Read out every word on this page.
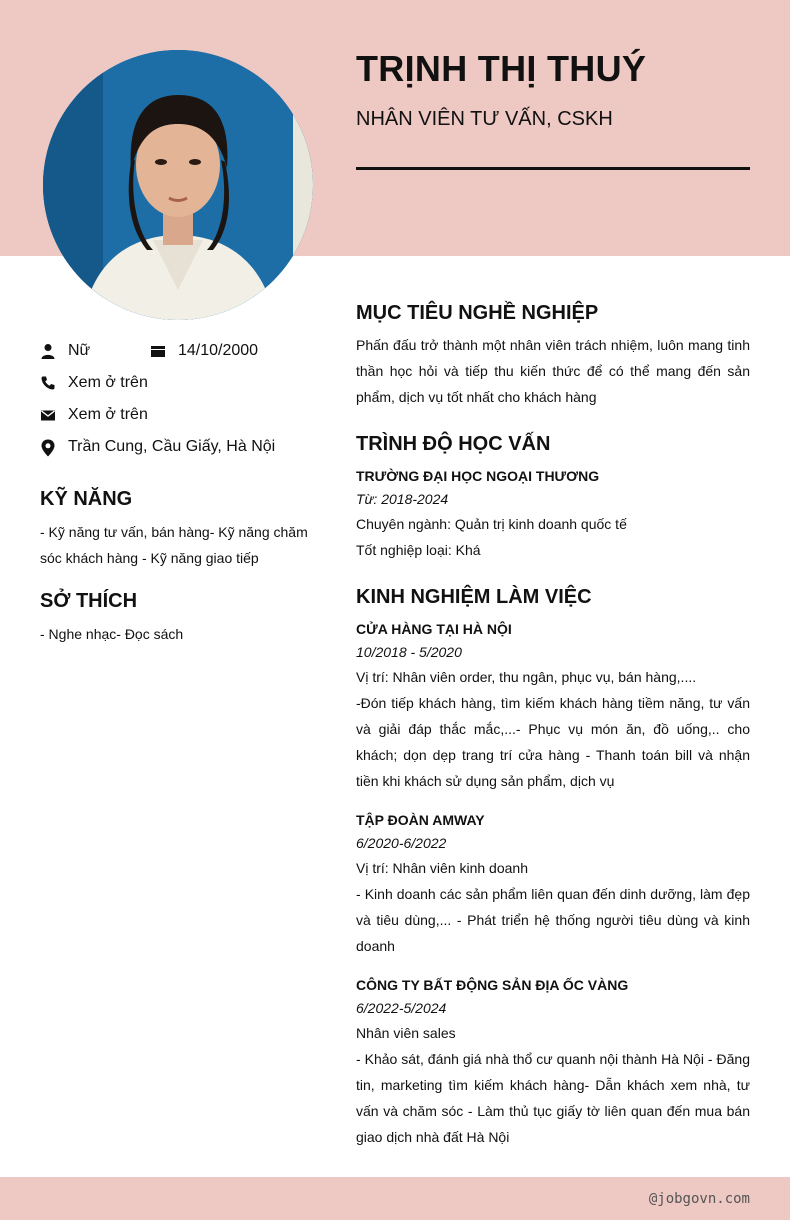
TRỊNH THỊ THUÝ
NHÂN VIÊN TƯ VẤN, CSKH
Nữ	14/10/2000
Xem ở trên
Xem ở trên
Trần Cung, Cầu Giấy, Hà Nội
KỸ NĂNG
- Kỹ năng tư vấn, bán hàng- Kỹ năng chăm sóc khách hàng - Kỹ năng giao tiếp
SỞ THÍCH
- Nghe nhạc- Đọc sách
MỤC TIÊU NGHỀ NGHIỆP
Phấn đấu trở thành một nhân viên trách nhiệm, luôn mang tinh thần học hỏi và tiếp thu kiến thức để có thể mang đến sản phẩm, dịch vụ tốt nhất cho khách hàng
TRÌNH ĐỘ HỌC VẤN
TRƯỜNG ĐẠI HỌC NGOẠI THƯƠNG
Từ: 2018-2024
Chuyên ngành: Quản trị kinh doanh quốc tế
Tốt nghiệp loại: Khá
KINH NGHIỆM LÀM VIỆC
CỬA HÀNG TẠI HÀ NỘI
10/2018 - 5/2020
Vị trí: Nhân viên order, thu ngân, phục vụ, bán hàng,....
-Đón tiếp khách hàng, tìm kiếm khách hàng tiềm năng, tư vấn và giải đáp thắc mắc,...- Phục vụ món ăn, đồ uống,.. cho khách; dọn dẹp trang trí cửa hàng - Thanh toán bill và nhận tiền khi khách sử dụng sản phẩm, dịch vụ
TẬP ĐOÀN AMWAY
6/2020-6/2022
Vị trí: Nhân viên kinh doanh
- Kinh doanh các sản phẩm liên quan đến dinh dưỡng, làm đẹp và tiêu dùng,... - Phát triển hệ thống người tiêu dùng và kinh doanh
CÔNG TY BẤT ĐỘNG SẢN ĐỊA ỐC VÀNG
6/2022-5/2024
Nhân viên sales
- Khảo sát, đánh giá nhà thổ cư quanh nội thành Hà Nội - Đăng tin, marketing tìm kiếm khách hàng- Dẫn khách xem nhà, tư vấn và chăm sóc - Làm thủ tục giấy tờ liên quan đến mua bán giao dịch nhà đất Hà Nội
@jobgovn.com
